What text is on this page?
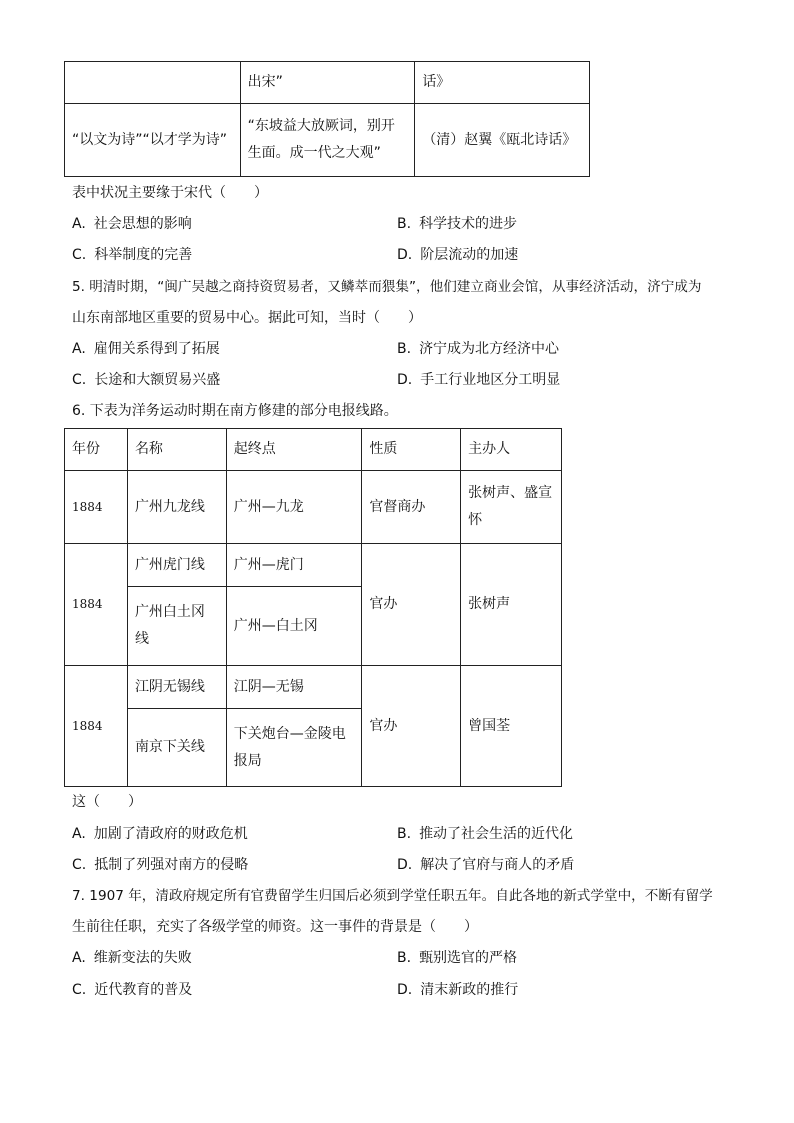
	出宋”	话》
“以文为诗”“以才学为诗”	“东坡益大放厥词，别开生面。成一代之大观”	（清）赵翼《瓯北诗话》
表中状况主要缘于宋代（　　）
A. 社会思想的影响	B. 科学技术的进步
C. 科举制度的完善	D. 阶层流动的加速
5. 明清时期，“闽广吴越之商持资贸易者，又鳞萃而猥集”，他们建立商业会馆，从事经济活动，济宁成为
山东南部地区重要的贸易中心。据此可知，当时（　　）
A. 雇佣关系得到了拓展	B. 济宁成为北方经济中心
C. 长途和大额贸易兴盛	D. 手工行业地区分工明显
6. 下表为洋务运动时期在南方修建的部分电报线路。
年份	名称	起终点	性质	主办人
1884	广州九龙线	广州—九龙	官督商办	张树声、盛宣怀
1884	广州虎门线	广州—虎门	官办	张树声
	广州白土冈线	广州—白土冈		
1884	江阴无锡线	江阴—无锡	官办	曾国荃
	南京下关线	下关炮台—金陵电报局		
这（　　）
A. 加剧了清政府的财政危机	B. 推动了社会生活的近代化
C. 抵制了列强对南方的侵略	D. 解决了官府与商人的矛盾
7. 1907 年，清政府规定所有官费留学生归国后必须到学堂任职五年。自此各地的新式学堂中，不断有留学
生前往任职，充实了各级学堂的师资。这一事件的背景是（　　）
A. 维新变法的失败	B. 甄别选官的严格
C. 近代教育的普及	D. 清末新政的推行
